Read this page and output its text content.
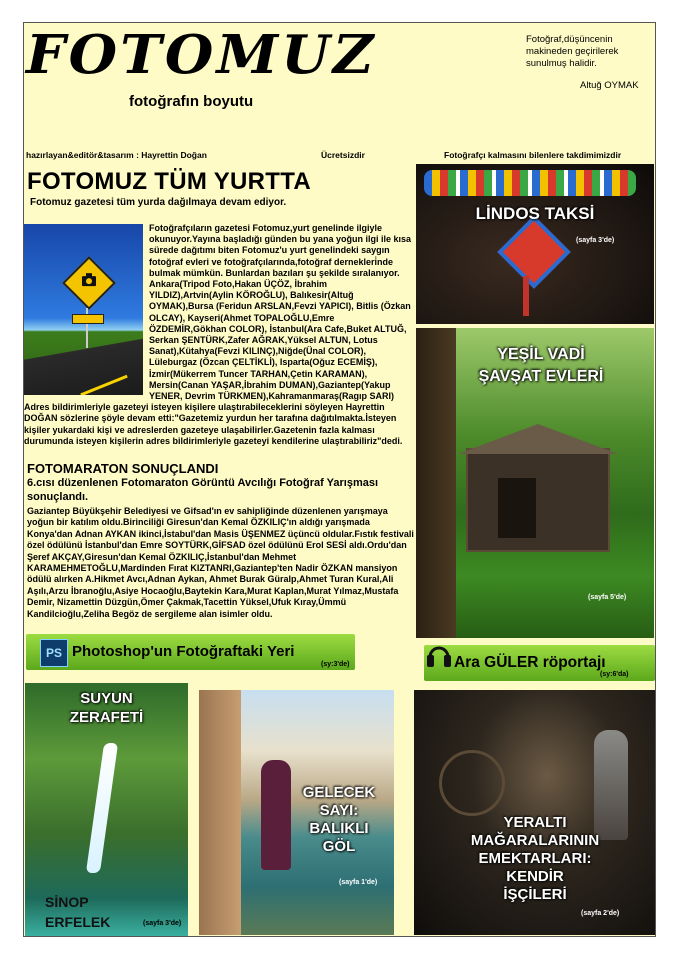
FOTOMUZ
fotoğrafın boyutu
Fotoğraf,düşüncenin makineden geçirilerek sunulmuş halidir.
Altuğ OYMAK
hazırlayan&editör&tasarım : Hayrettin Doğan	Ücretsizdir	Fotoğrafçı kalmasını bilenlere takdimimizdir
FOTOMUZ TÜM YURTTA
Fotomuz gazetesi tüm yurda dağılmaya devam ediyor.
Fotoğrafçıların gazetesi Fotomuz,yurt genelinde ilgiyle okunuyor.Yayına başladığı günden bu yana yoğun ilgi ile kısa sürede dağıtımı biten Fotomuz'u yurt genelindeki saygın fotoğraf evleri ve fotoğrafçılarında,fotoğraf dernekleri̇nde bulmak mümkün. Bunlardan bazıları şu şekilde sıralanıyor. Ankara(Tripod Foto,Hakan ÜÇÖZ, İbrahim YILDIZ),Artvin(Aylin KÖROĞLU), Balıkesir(Altuğ OYMAK),Bursa (Feridun ARSLAN,Fevzi YAPICI), Bitlis (Özkan OLCAY), Kayseri(Ahmet TOPALOĞLU,Emre ÖZDEMİR,Gökhan COLOR), İstanbul(Ara Cafe,Buket ALTUĞ, Serkan ŞENTÜRK,Zafer AĞRAK,Yüksel ALTUN, Lotus Sanat),Kütahya(Fevzi KILINÇ),Niğde(Ünal COLOR), Lüleburgaz (Özcan ÇELTİKLİ), Isparta(Oğuz ECEMİŞ), İzmir(Mükerrem Tuncer TARHAN,Çetin KARAMAN), Mersin(Canan YAŞAR,İbrahim DUMAN),Gaziantep(Yakup YENER, Devrim TÜRKMEN),Kahramanmaraş(Ragıp SARI) Adres bildirimleriyle gazeteyi isteyen kişilere ulaştırabileceklerini söyleyen Hayrettin DOĞAN sözlerine şöyle devam etti:"Gazetemiz yurdun her tarafına dağıtılmakta.İsteyen kişiler yukardaki kişi ve adreslerden gazeteye ulaşabilirler.Gazetenin fazla kalması durumunda isteyen kişilerin adres bildirimleriyle gazeteyi kendilerine ulaştırabiliriz"dedi.
FOTOMARATON SONUÇLANDI
6.cısı düzenlenen Fotomaraton Görüntü Avcılığı Fotoğraf Yarışması sonuçlandı.
Gaziantep Büyükşehir Belediyesi ve Gifsad'ın ev sahipliğinde düzenlenen yarışmaya yoğun bir katılım oldu.Birinciliği Giresun'dan Kemal ÖZKILIÇ'ın aldığı yarışmada Konya'dan Adnan AYKAN ikinci,İstabul'dan Masis ÜŞENMEZ üçüncü oldular.Fıstık festivali özel ödülünü İstanbul'dan Emre SOYTÜRK,GİFSAD özel ödülünü Erol SESİ aldı.Ordu'dan Şeref AKÇAY,Giresun'dan Kemal ÖZKILIÇ,İstanbul'dan Mehmet KARAMEHMETOĞLU,Mardinden Fırat KIZTANRI,Gaziantep'ten Nadir ÖZKAN mansiyon ödülü alırken A.Hikmet Avcı,Adnan Aykan, Ahmet Burak Güralp,Ahmet Turan Kural,Ali Aşılı,Arzu İbranoğlu,Asiye Hocaoğlu,Baytekin Kara,Murat Kaplan,Murat Yılmaz,Mustafa Demir, Nizamettin Düzgün,Ömer Çakmak,Tacettin Yüksel,Ufuk Kıray,Ümmü Kandilcioğlu,Zeliha Begöz de sergileme alan isimler oldu.
LİNDOS TAKSİ
(sayfa 3'de)
YEŞİL VADİ
ŞAVŞAT EVLERİ
(sayfa 5'de)
PS Photoshop'un Fotoğraftaki Yeri
(sy:3'de)	Ara GÜLER röportajı
(sy:6'da)
SUYUN
ZERAFETİ
SİNOP
ERFELEK	(sayfa 3'de)
GELECEK
SAYI:
BALIKLI
GÖL
(sayfa 1'de)
YERALTI
MAĞARALARININ
EMEKTARLARI:
KENDİR
İŞÇİLERİ
(sayfa 2'de)
